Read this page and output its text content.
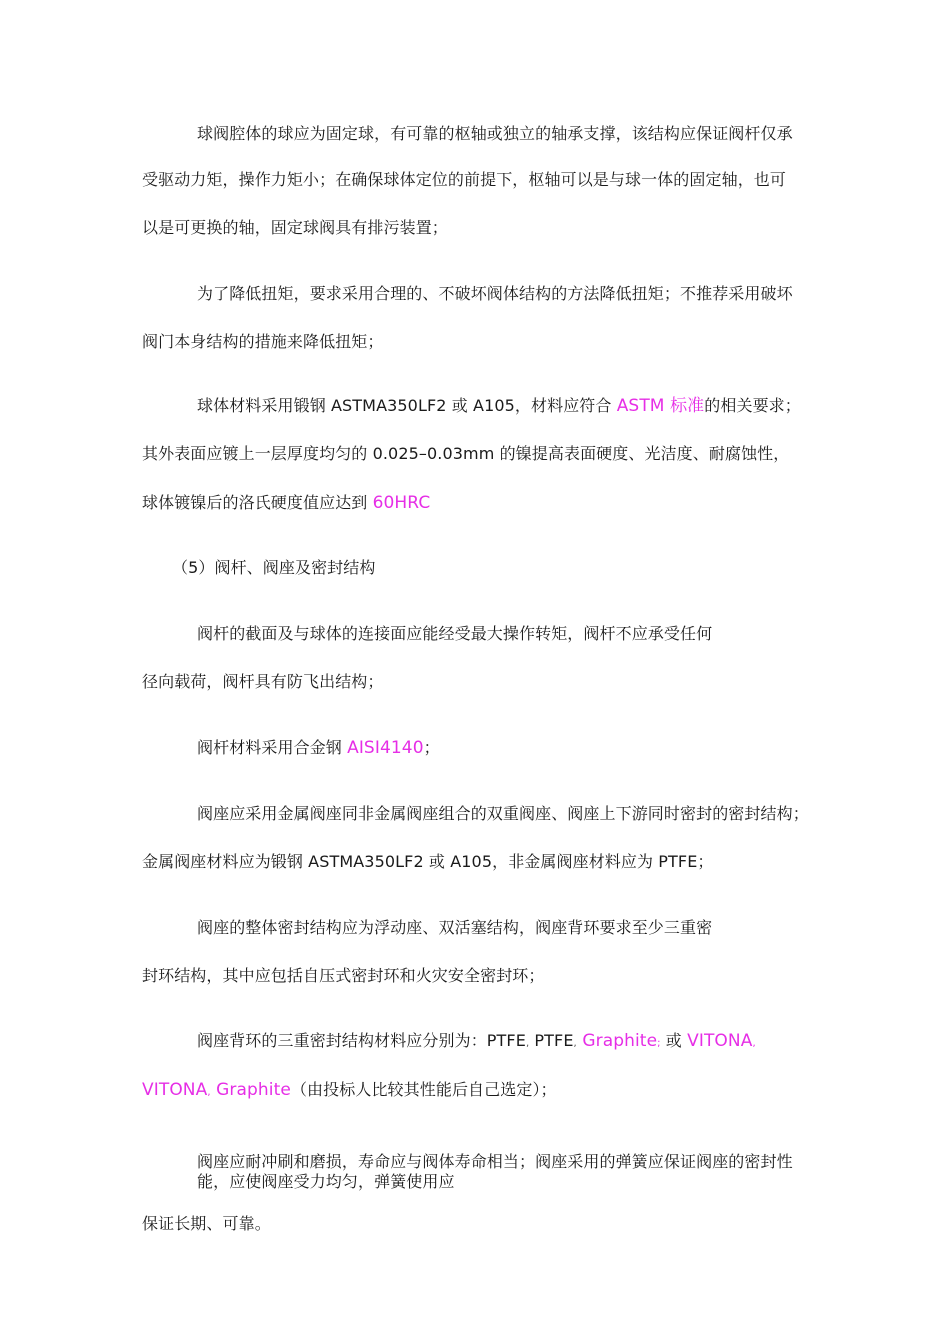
球阀腔体的球应为固定球，有可靠的枢轴或独立的轴承支撑，该结构应保证阀杆仅承
受驱动力矩，操作力矩小；在确保球体定位的前提下，枢轴可以是与球一体的固定轴，也可
以是可更换的轴，固定球阀具有排污装置；
为了降低扭矩，要求采用合理的、不破坏阀体结构的方法降低扭矩；不推荐采用破坏
阀门本身结构的措施来降低扭矩；
球体材料采用锻钢 ASTMA350LF2 或 A105，材料应符合 ASTM 标准的相关要求；
其外表面应镀上一层厚度均匀的 0.025–0.03mm 的镍提高表面硬度、光洁度、耐腐蚀性，
球体镀镍后的洛氏硬度值应达到 60HRC
（5）阀杆、阀座及密封结构
阀杆的截面及与球体的连接面应能经受最大操作转矩，阀杆不应承受任何
径向载荷，阀杆具有防飞出结构；
阀杆材料采用合金钢 AISI4140；
阀座应采用金属阀座同非金属阀座组合的双重阀座、阀座上下游同时密封的密封结构；
金属阀座材料应为锻钢 ASTMA350LF2 或 A105，非金属阀座材料应为 PTFE；
阀座的整体密封结构应为浮动座、双活塞结构，阀座背环要求至少三重密
封环结构，其中应包括自压式密封环和火灾安全密封环；
阀座背环的三重密封结构材料应分别为：PTFE, PTFE, Graphite; 或 VITONA,
VITONA, Graphite（由投标人比较其性能后自己选定）；
阀座应耐冲刷和磨损，寿命应与阀体寿命相当；阀座采用的弹簧应保证阀座的密封性
能，应使阀座受力均匀，弹簧使用应
保证长期、可靠。
